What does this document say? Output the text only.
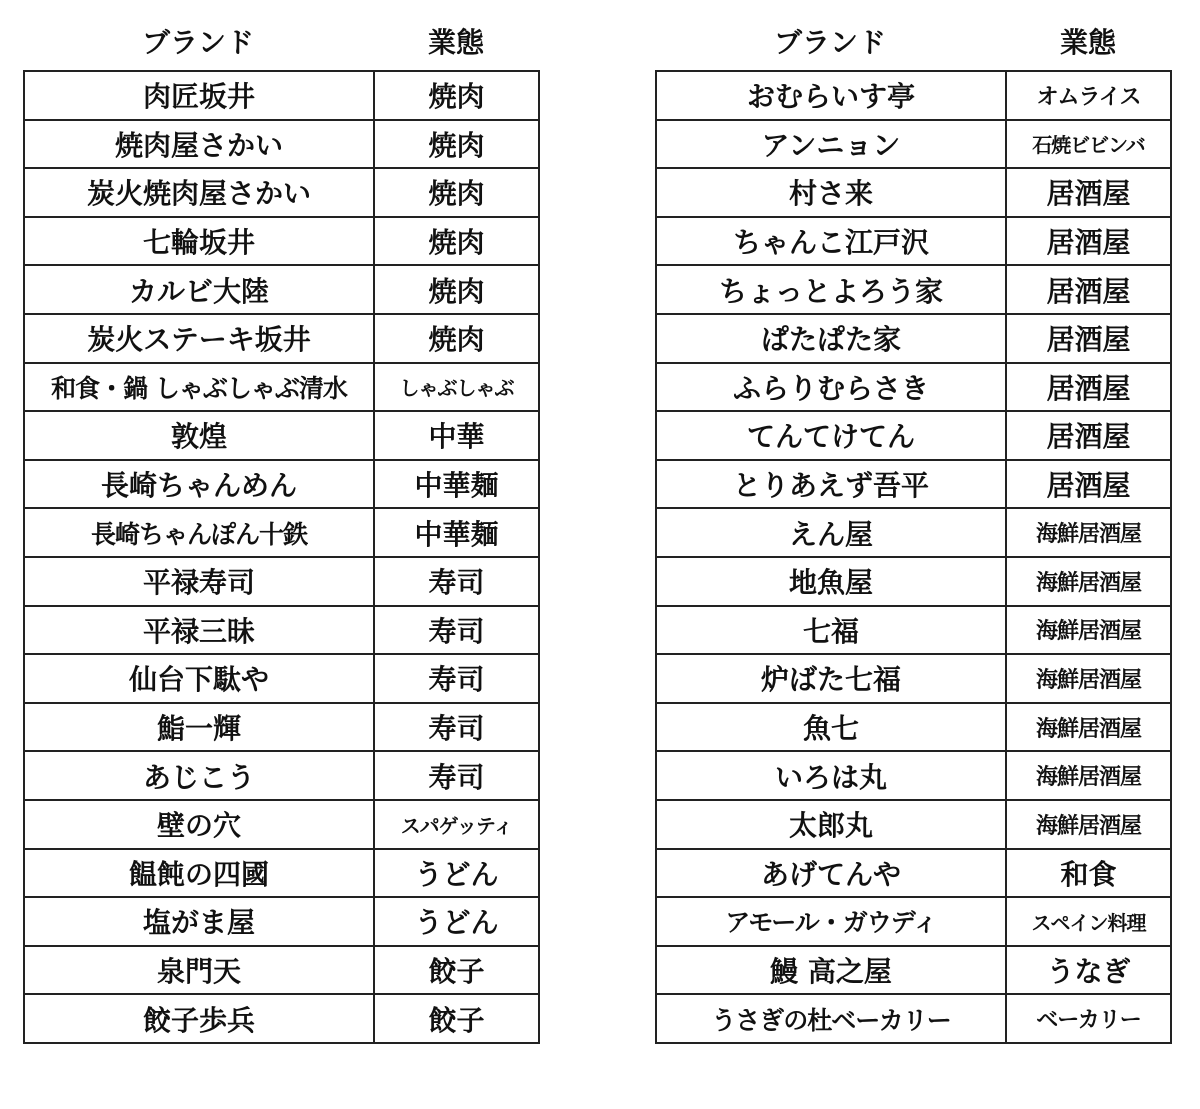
ブランド	業態
肉匠坂井	焼肉
焼肉屋さかい	焼肉
炭火焼肉屋さかい	焼肉
七輪坂井	焼肉
カルビ大陸	焼肉
炭火ステーキ坂井	焼肉
和食・鍋 しゃぶしゃぶ清水	しゃぶしゃぶ
敦煌	中華
長崎ちゃんめん	中華麺
長崎ちゃんぽん十鉄	中華麺
平禄寿司	寿司
平禄三昧	寿司
仙台下駄や	寿司
鮨一輝	寿司
あじこう	寿司
壁の穴	スパゲッティ
饂飩の四國	うどん
塩がま屋	うどん
泉門天	餃子
餃子歩兵	餃子
ブランド	業態
おむらいす亭	オムライス
アンニョン	石焼ビビンバ
村さ来	居酒屋
ちゃんこ江戸沢	居酒屋
ちょっとよろう家	居酒屋
ぱたぱた家	居酒屋
ふらりむらさき	居酒屋
てんてけてん	居酒屋
とりあえず吾平	居酒屋
えん屋	海鮮居酒屋
地魚屋	海鮮居酒屋
七福	海鮮居酒屋
炉ばた七福	海鮮居酒屋
魚七	海鮮居酒屋
いろは丸	海鮮居酒屋
太郎丸	海鮮居酒屋
あげてんや	和食
アモール・ガウディ	スペイン料理
鰻 高之屋	うなぎ
うさぎの杜ベーカリー	ベーカリー
